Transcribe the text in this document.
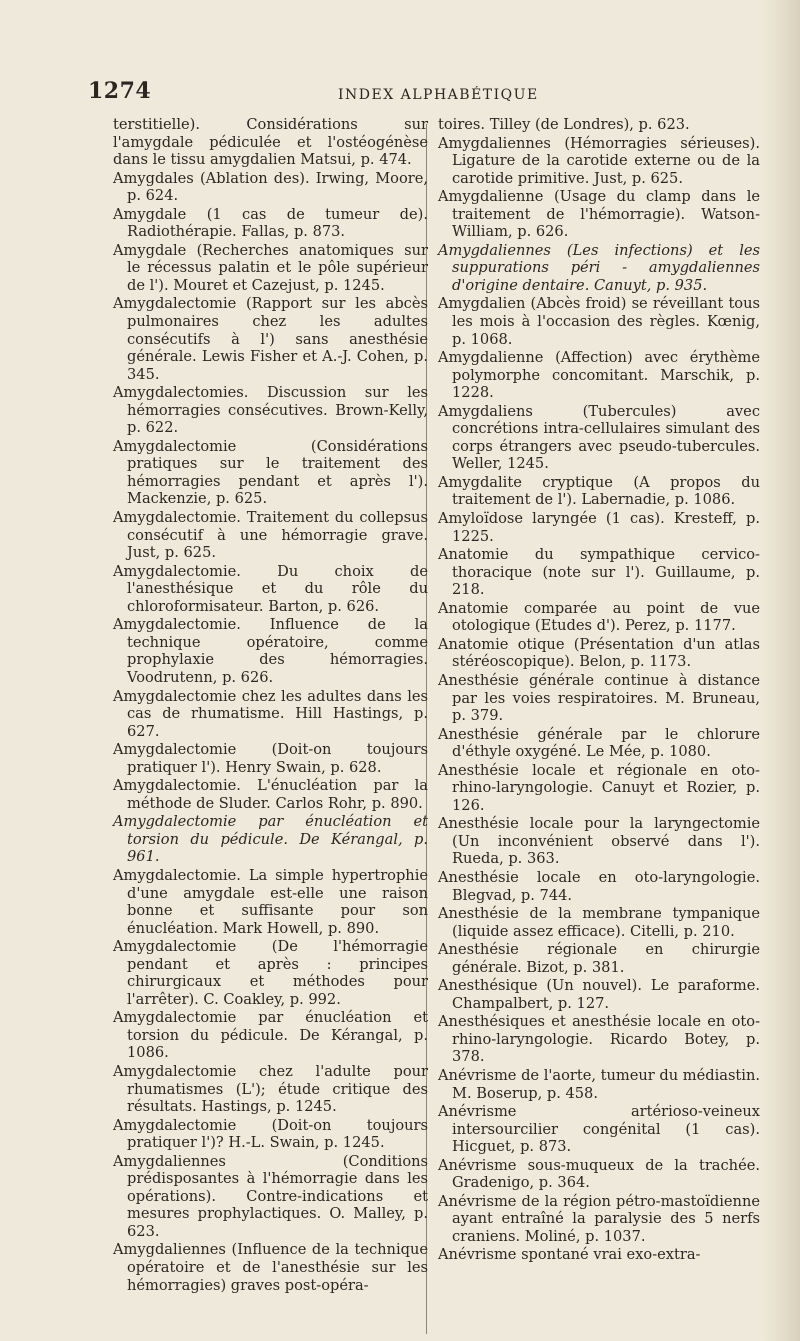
1274	INDEX ALPHABÉTIQUE

terstitielle). Considérations sur l'amygdale pédiculée et l'ostéogénèse dans le tissu amygdalien Matsui, p. 474.

Amygdales (Ablation des). Irwing, Moore, p. 624.

Amygdale (1 cas de tumeur de). Radiothérapie. Fallas, p. 873.

Amygdale (Recherches anatomiques sur le récessus palatin et le pôle supérieur de l'). Mouret et Cazejust, p. 1245.

Amygdalectomie (Rapport sur les abcès pulmonaires chez les adultes consécutifs à l') sans anesthésie générale. Lewis Fisher et A.-J. Cohen, p. 345.

Amygdalectomies. Discussion sur les hémorragies consécutives. Brown-Kelly, p. 622.

Amygdalectomie (Considérations pratiques sur le traitement des hémorragies pendant et après l'). Mackenzie, p. 625.

Amygdalectomie. Traitement du collepsus consécutif à une hémorragie grave. Just, p. 625.

Amygdalectomie. Du choix de l'anesthésique et du rôle du chloroformisateur. Barton, p. 626.

Amygdalectomie. Influence de la technique opératoire, comme prophylaxie des hémorragies. Voodrutenn, p. 626.

Amygdalectomie chez les adultes dans les cas de rhumatisme. Hill Hastings, p. 627.

Amygdalectomie (Doit-on toujours pratiquer l'). Henry Swain, p. 628.

Amygdalectomie. L'énucléation par la méthode de Sluder. Carlos Rohr, p. 890.

Amygdalectomie par énucléation et torsion du pédicule. De Kérangal, p. 961.

Amygdalectomie. La simple hypertrophie d'une amygdale est-elle une raison bonne et suffisante pour son énucléation. Mark Howell, p. 890.

Amygdalectomie (De l'hémorragie pendant et après : principes chirurgicaux et méthodes pour l'arrêter). C. Coakley, p. 992.

Amygdalectomie par énucléation et torsion du pédicule. De Kérangal, p. 1086.

Amygdalectomie chez l'adulte pour rhumatismes (L'); étude critique des résultats. Hastings, p. 1245.

Amygdalectomie (Doit-on toujours pratiquer l')? H.-L. Swain, p. 1245.

Amygdaliennes (Conditions prédisposantes à l'hémorragie dans les opérations). Contre-indications et mesures prophylactiques. O. Malley, p. 623.

Amygdaliennes (Influence de la technique opératoire et de l'anesthésie sur les hémorragies) graves post-opéra-

toires. Tilley (de Londres), p. 623.

Amygdaliennes (Hémorragies sérieuses). Ligature de la carotide externe ou de la carotide primitive. Just, p. 625.

Amygdalienne (Usage du clamp dans le traitement de l'hémorragie). Watson-William, p. 626.

Amygdaliennes (Les infections) et les suppurations péri - amygdaliennes d'origine dentaire. Canuyt, p. 935.

Amygdalien (Abcès froid) se réveillant tous les mois à l'occasion des règles. Kœnig, p. 1068.

Amygdalienne (Affection) avec érythème polymorphe concomitant. Marschik, p. 1228.

Amygdaliens (Tubercules) avec concrétions intra-cellulaires simulant des corps étrangers avec pseudo-tubercules. Weller, 1245.

Amygdalite cryptique (A propos du traitement de l'). Labernadie, p. 1086.

Amyloïdose laryngée (1 cas). Kresteff, p. 1225.

Anatomie du sympathique cervico-thoracique (note sur l'). Guillaume, p. 218.

Anatomie comparée au point de vue otologique (Etudes d'). Perez, p. 1177.

Anatomie otique (Présentation d'un atlas stéréoscopique). Belon, p. 1173.

Anesthésie générale continue à distance par les voies respiratoires. M. Bruneau, p. 379.

Anesthésie générale par le chlorure d'éthyle oxygéné. Le Mée, p. 1080.

Anesthésie locale et régionale en oto-rhino-laryngologie. Canuyt et Rozier, p. 126.

Anesthésie locale pour la laryngectomie (Un inconvénient observé dans l'). Rueda, p. 363.

Anesthésie locale en oto-laryngologie. Blegvad, p. 744.

Anesthésie de la membrane tympanique (liquide assez efficace). Citelli, p. 210.

Anesthésie régionale en chirurgie générale. Bizot, p. 381.

Anesthésique (Un nouvel). Le paraforme. Champalbert, p. 127.

Anesthésiques et anesthésie locale en oto-rhino-laryngologie. Ricardo Botey, p. 378.

Anévrisme de l'aorte, tumeur du médiastin. M. Boserup, p. 458.

Anévrisme artérioso-veineux intersourcilier congénital (1 cas). Hicguet, p. 873.

Anévrisme sous-muqueux de la trachée. Gradenigo, p. 364.

Anévrisme de la région pétro-mastoïdienne ayant entraîné la paralysie des 5 nerfs craniens. Moliné, p. 1037.

Anévrisme spontané vrai exo-extra-
